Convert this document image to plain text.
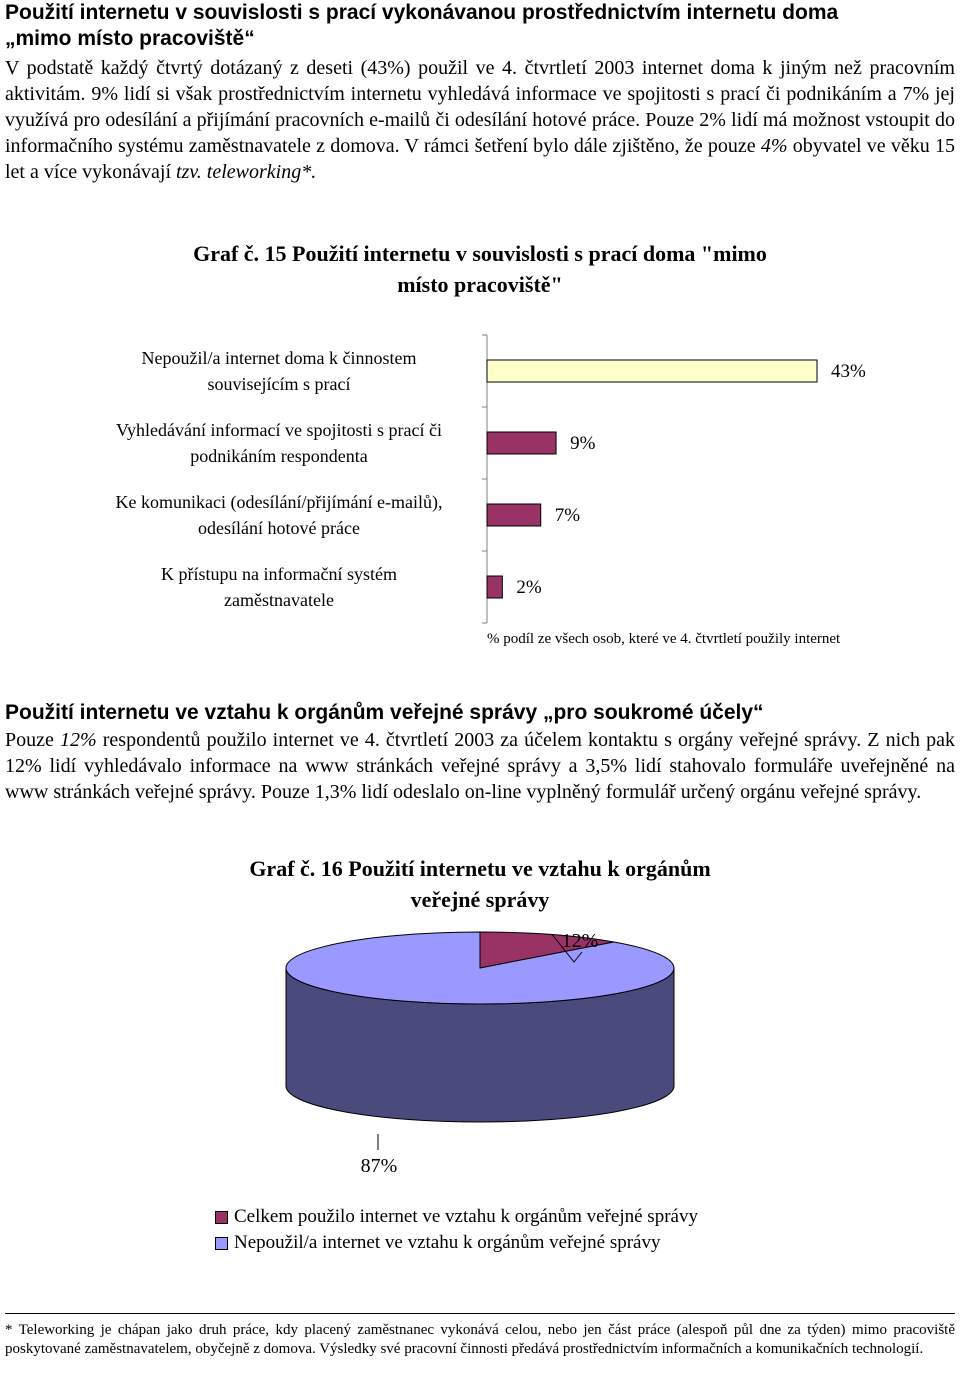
Použití internetu v souvislosti s prací vykonávanou prostřednictvím internetu doma
„mimo místo pracoviště“
V podstatě každý čtvrtý dotázaný z deseti (43%) použil ve 4. čtvrtletí 2003 internet doma k jiným než pracovním aktivitám. 9% lidí si však prostřednictvím internetu vyhledává informace ve spojitosti s prací či podnikáním a 7% jej využívá pro odesílání a přijímání pracovních e-mailů či odesílání hotové práce. Pouze 2% lidí má možnost vstoupit do informačního systému zaměstnavatele z domova. V rámci šetření bylo dále zjištěno, že pouze 4% obyvatel ve věku 15 let a více vykonávají tzv. teleworking*.
Graf č. 15 Použití internetu v souvislosti s prací doma "mimo
místo pracoviště"
Nepoužil/a internet doma k činnostem
souvisejícím s prací
Vyhledávání informací ve spojitosti s prací či
podnikáním respondenta
Ke komunikaci (odesílání/přijímání e-mailů),
odesílání hotové práce
K přístupu na informační systém
zaměstnavatele
43%
9%
7%
2%
% podíl ze všech osob, které ve 4. čtvrtletí použily internet
Použití internetu ve vztahu k orgánům veřejné správy „pro soukromé účely“
Pouze 12% respondentů použilo internet ve 4. čtvrtletí 2003 za účelem kontaktu s orgány veřejné správy. Z nich pak 12% lidí vyhledávalo informace na www stránkách veřejné správy a 3,5% lidí stahovalo formuláře uveřejněné na www stránkách veřejné správy. Pouze 1,3% lidí odeslalo on-line vyplněný formulář určený orgánu veřejné správy.
Graf č. 16 Použití internetu ve vztahu k orgánům
veřejné správy
12%
87%
Celkem použilo internet ve vztahu k orgánům veřejné správy
Nepoužil/a internet ve vztahu k orgánům veřejné správy
* Teleworking je chápan jako druh práce, kdy placený zaměstnanec vykonává celou, nebo jen část práce (alespoň půl dne za týden) mimo pracoviště poskytované zaměstnavatelem, obyčejně z domova. Výsledky své pracovní činnosti předává prostřednictvím informačních a komunikačních technologií.
